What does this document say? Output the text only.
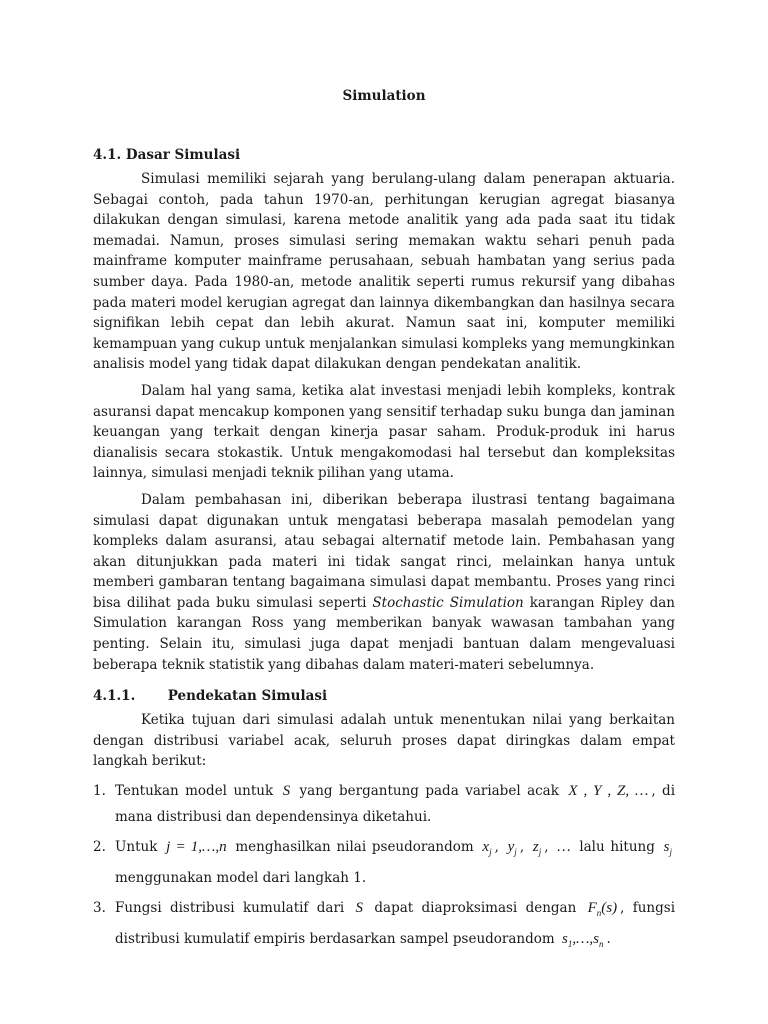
Simulation
4.1. Dasar Simulasi

Simulasi memiliki sejarah yang berulang-ulang dalam penerapan aktuaria. Sebagai contoh, pada tahun 1970-an, perhitungan kerugian agregat biasanya dilakukan dengan simulasi, karena metode analitik yang ada pada saat itu tidak memadai. Namun, proses simulasi sering memakan waktu sehari penuh pada mainframe komputer mainframe perusahaan, sebuah hambatan yang serius pada sumber daya. Pada 1980-an, metode analitik seperti rumus rekursif yang dibahas pada materi model kerugian agregat dan lainnya dikembangkan dan hasilnya secara signifikan lebih cepat dan lebih akurat. Namun saat ini, komputer memiliki kemampuan yang cukup untuk menjalankan simulasi kompleks yang memungkinkan analisis model yang tidak dapat dilakukan dengan pendekatan analitik.

Dalam hal yang sama, ketika alat investasi menjadi lebih kompleks, kontrak asuransi dapat mencakup komponen yang sensitif terhadap suku bunga dan jaminan keuangan yang terkait dengan kinerja pasar saham. Produk-produk ini harus dianalisis secara stokastik. Untuk mengakomodasi hal tersebut dan kompleksitas lainnya, simulasi menjadi teknik pilihan yang utama.

Dalam pembahasan ini, diberikan beberapa ilustrasi tentang bagaimana simulasi dapat digunakan untuk mengatasi beberapa masalah pemodelan yang kompleks dalam asuransi, atau sebagai alternatif metode lain. Pembahasan yang akan ditunjukkan pada materi ini tidak sangat rinci, melainkan hanya untuk memberi gambaran tentang bagaimana simulasi dapat membantu. Proses yang rinci bisa dilihat pada buku simulasi seperti Stochastic Simulation karangan Ripley dan Simulation karangan Ross yang memberikan banyak wawasan tambahan yang penting. Selain itu, simulasi juga dapat menjadi bantuan dalam mengevaluasi beberapa teknik statistik yang dibahas dalam materi-materi sebelumnya.

4.1.1. Pendekatan Simulasi

Ketika tujuan dari simulasi adalah untuk menentukan nilai yang berkaitan dengan distribusi variabel acak, seluruh proses dapat diringkas dalam empat langkah berikut:

1. Tentukan model untuk S yang bergantung pada variabel acak X , Y , Z, … , di mana distribusi dan dependensinya diketahui.
2. Untuk j = 1,…,n menghasilkan nilai pseudorandom $x_j$ , $y_j$ , $z_j$ , … lalu hitung $s_j$ menggunakan model dari langkah 1.
3. Fungsi distribusi kumulatif dari S dapat diaproksimasi dengan $F_n(s)$ , fungsi distribusi kumulatif empiris berdasarkan sampel pseudorandom $s_1,\dots,s_n$ .
